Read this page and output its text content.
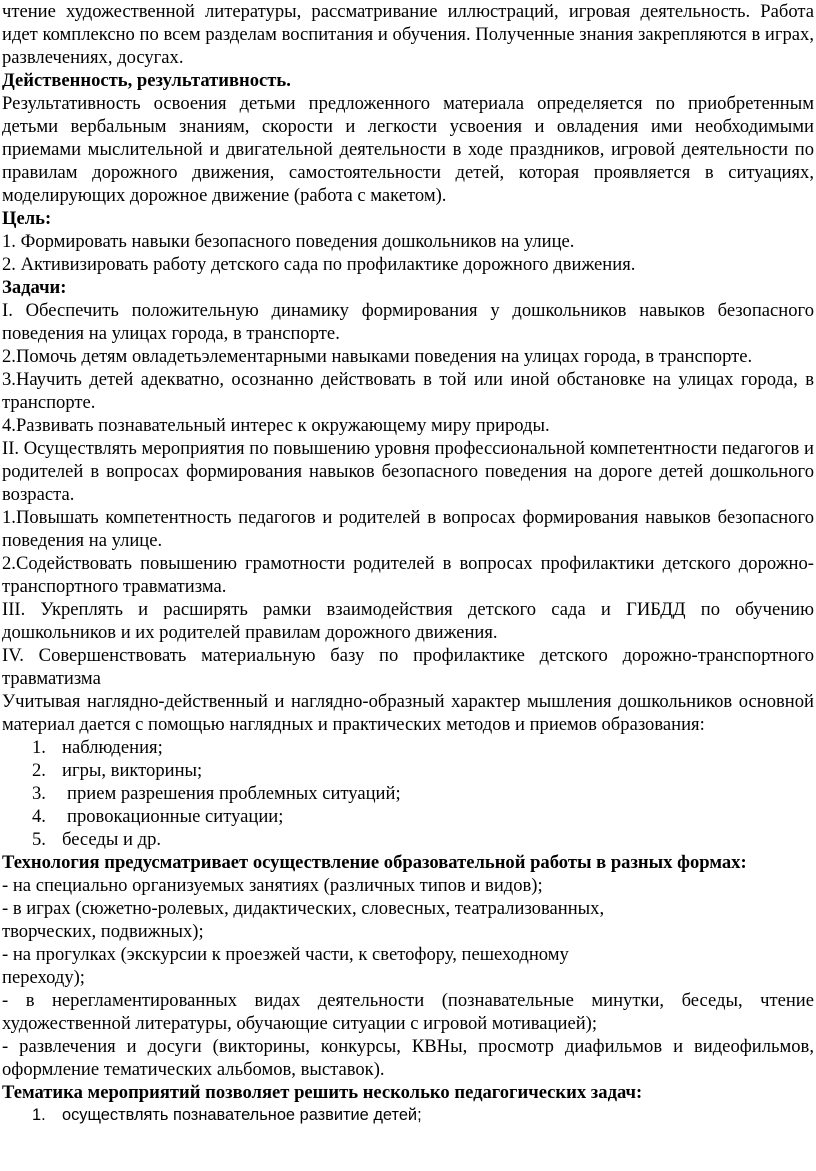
чтение художественной литературы, рассматривание иллюстраций, игровая деятельность. Работа идет комплексно по всем разделам воспитания и обучения. Полученные знания закрепляются в играх, развлечениях, досугах.

Действенность, результативность.

Результативность освоения детьми предложенного материала определяется по приобретенным детьми вербальным знаниям, скорости и легкости усвоения и овладения ими необходимыми приемами мыслительной и двигательной деятельности в ходе праздников, игровой деятельности по правилам дорожного движения, самостоятельности детей, которая проявляется в ситуациях, моделирующих дорожное движение (работа с макетом).

Цель:

1. Формировать навыки безопасного поведения дошкольников на улице.

2. Активизировать работу детского сада по профилактике дорожного движения.

Задачи:

I. Обеспечить положительную динамику формирования у дошкольников навыков безопасного поведения на улицах города, в транспорте.

2.Помочь детям овладетьэлементарными навыками поведения на улицах города, в транспорте.

3.Научить детей адекватно, осознанно действовать в той или иной обстановке на улицах города, в транспорте.

4.Развивать познавательный интерес к окружающему миру природы.

II. Осуществлять мероприятия по повышению уровня профессиональной компетентности педагогов и родителей в вопросах формирования навыков безопасного поведения на дороге детей дошкольного возраста.

1.Повышать компетентность педагогов и родителей в вопросах формирования навыков безопасного поведения на улице.

2.Содействовать повышению грамотности родителей в вопросах профилактики детского дорожно-транспортного травматизма.

III. Укреплять и расширять рамки взаимодействия детского сада и ГИБДД по обучению дошкольников и их родителей правилам дорожного движения.

IV. Совершенствовать материальную базу по профилактике детского дорожно-транспортного травматизма

Учитывая наглядно-действенный и наглядно-образный характер мышления дошкольников основной материал дается с помощью наглядных и практических методов и приемов образования:

1. наблюдения;
2. игры, викторины;
3. прием разрешения проблемных ситуаций;
4. провокационные ситуации;
5. беседы и др.

Технология предусматривает осуществление образовательной работы в разных формах:

- на специально организуемых занятиях (различных типов и видов);

- в играх (сюжетно-ролевых, дидактических, словесных, театрализованных,

творческих, подвижных);

- на прогулках (экскурсии к проезжей части, к светофору, пешеходному

переходу);

- в нерегламентированных видах деятельности (познавательные минутки, беседы, чтение художественной литературы, обучающие ситуации с игровой мотивацией);

- развлечения и досуги (викторины, конкурсы, КВНы, просмотр диафильмов и видеофильмов, оформление тематических альбомов, выставок).

Тематика мероприятий позволяет решить несколько педагогических задач:

1. осуществлять познавательное развитие детей;
